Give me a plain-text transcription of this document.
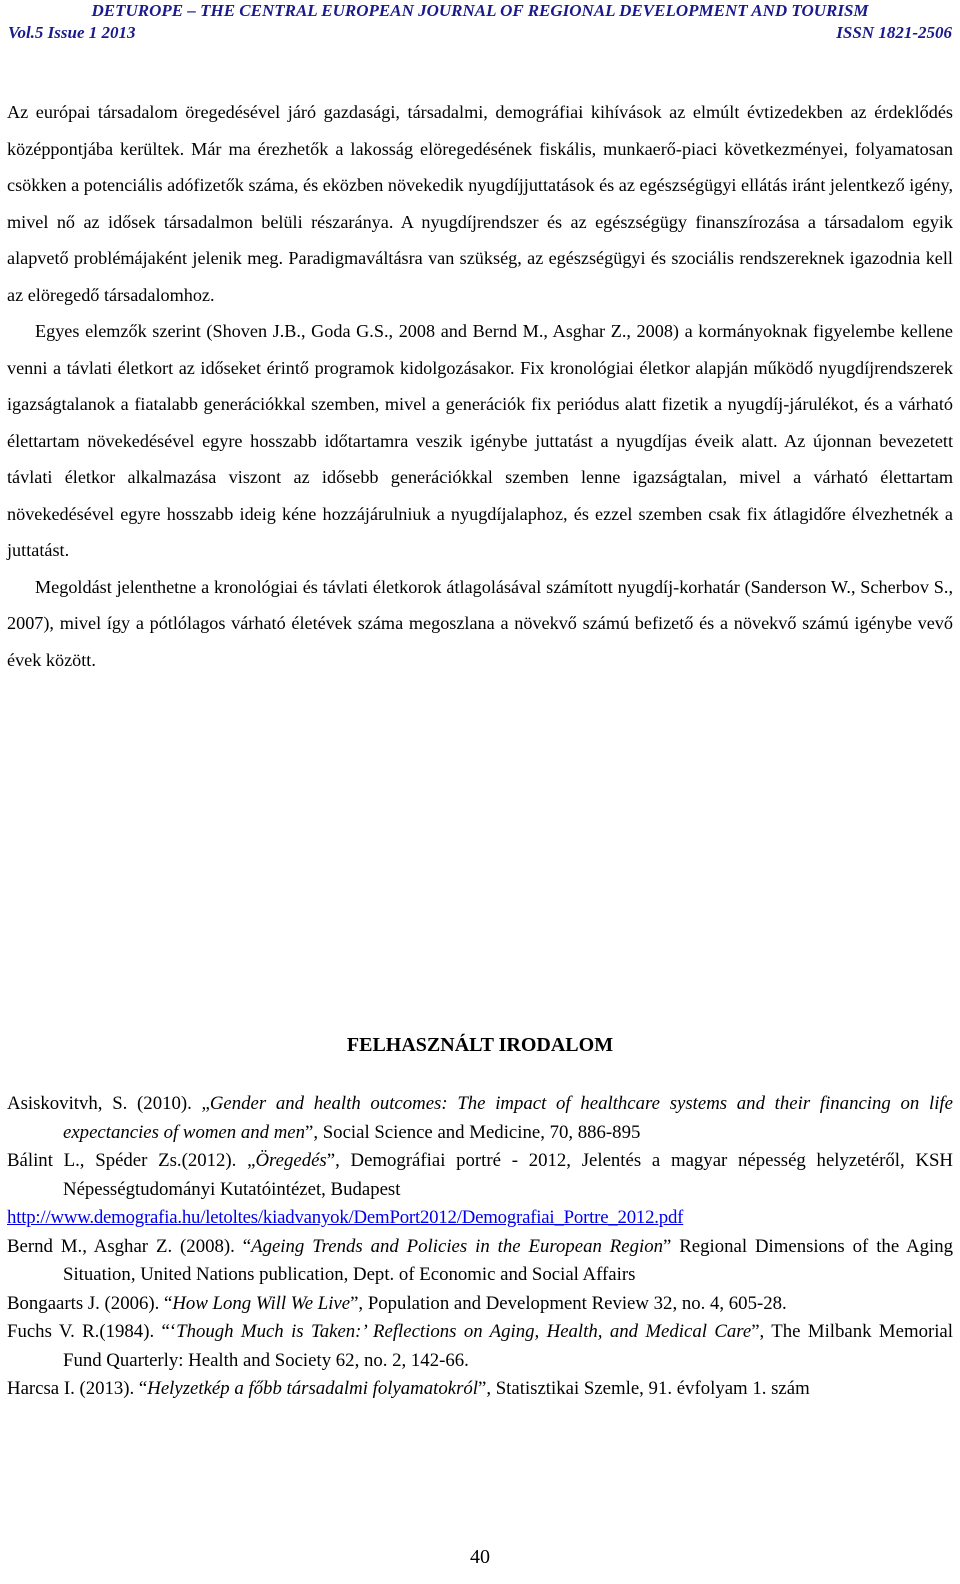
DETUROPE – THE CENTRAL EUROPEAN JOURNAL OF REGIONAL DEVELOPMENT AND TOURISM
Vol.5 Issue 1 2013	ISSN 1821-2506

Az európai társadalom öregedésével járó gazdasági, társadalmi, demográfiai kihívások az elmúlt évtizedekben az érdeklődés középpontjába kerültek. Már ma érezhetők a lakosság elöregedésének fiskális, munkaerő-piaci következményei, folyamatosan csökken a potenciális adófizetők száma, és eközben növekedik nyugdíjjuttatások és az egészségügyi ellátás iránt jelentkező igény, mivel nő az idősek társadalmon belüli részaránya. A nyugdíjrendszer és az egészségügy finanszírozása a társadalom egyik alapvető problémájaként jelenik meg. Paradigmaváltásra van szükség, az egészségügyi és szociális rendszereknek igazodnia kell az elöregedő társadalomhoz.

Egyes elemzők szerint (Shoven J.B., Goda G.S., 2008 and Bernd M., Asghar Z., 2008) a kormányoknak figyelembe kellene venni a távlati életkort az időseket érintő programok kidolgozásakor. Fix kronológiai életkor alapján működő nyugdíjrendszerek igazságtalanok a fiatalabb generációkkal szemben, mivel a generációk fix periódus alatt fizetik a nyugdíj-járulékot, és a várható élettartam növekedésével egyre hosszabb időtartamra veszik igénybe juttatást a nyugdíjas éveik alatt. Az újonnan bevezetett távlati életkor alkalmazása viszont az idősebb generációkkal szemben lenne igazságtalan, mivel a várható élettartam növekedésével egyre hosszabb ideig kéne hozzájárulniuk a nyugdíjalaphoz, és ezzel szemben csak fix átlagidőre élvezhetnék a juttatást.

Megoldást jelenthetne a kronológiai és távlati életkorok átlagolásával számított nyugdíj-korhatár (Sanderson W., Scherbov S., 2007), mivel így a pótlólagos várható életévek száma megoszlana a növekvő számú befizető és a növekvő számú igénybe vevő évek között.

FELHASZNÁLT IRODALOM

Asiskovitvh, S. (2010). „Gender and health outcomes: The impact of healthcare systems and their financing on life expectancies of women and men”, Social Science and Medicine, 70, 886-895

Bálint L., Spéder Zs.(2012). „Öregedés”, Demográfiai portré - 2012, Jelentés a magyar népesség helyzetéről, KSH Népességtudományi Kutatóintézet, Budapest

http://www.demografia.hu/letoltes/kiadvanyok/DemPort2012/Demografiai_Portre_2012.pdf

Bernd M., Asghar Z. (2008). “Ageing Trends and Policies in the European Region” Regional Dimensions of the Aging Situation, United Nations publication, Dept. of Economic and Social Affairs

Bongaarts J. (2006). “How Long Will We Live”, Population and Development Review 32, no. 4, 605-28.

Fuchs V. R.(1984). “‘Though Much is Taken:’ Reflections on Aging, Health, and Medical Care”, The Milbank Memorial Fund Quarterly: Health and Society 62, no. 2, 142-66.

Harcsa I. (2013). “Helyzetkép a főbb társadalmi folyamatokról”, Statisztikai Szemle, 91. évfolyam 1. szám

40
